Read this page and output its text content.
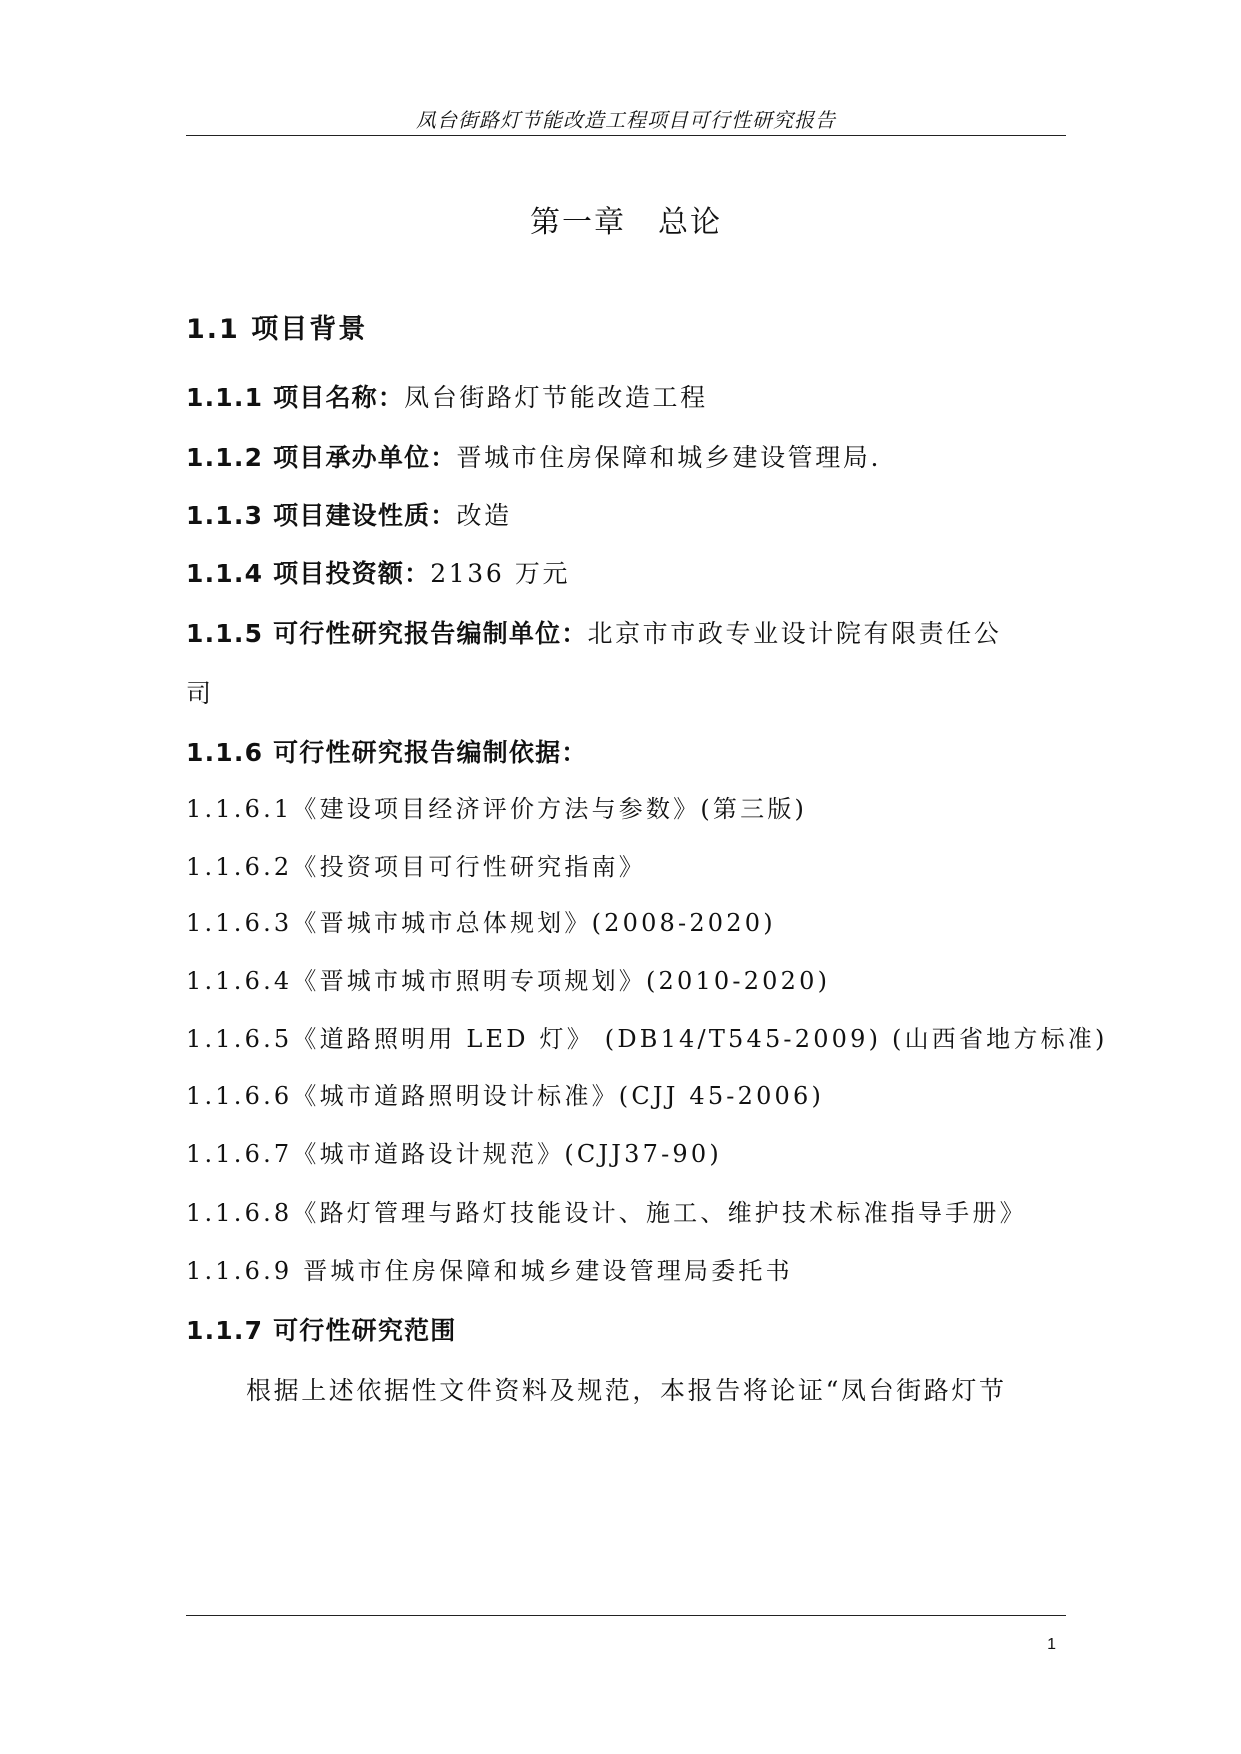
凤台街路灯节能改造工程项目可行性研究报告
第一章　总论
1.1 项目背景
1.1.1 项目名称：凤台街路灯节能改造工程
1.1.2 项目承办单位：晋城市住房保障和城乡建设管理局.
1.1.3 项目建设性质：改造
1.1.4 项目投资额：2136 万元
1.1.5 可行性研究报告编制单位：北京市市政专业设计院有限责任公
司
1.1.6 可行性研究报告编制依据：
1.1.6.1《建设项目经济评价方法与参数》(第三版)
1.1.6.2《投资项目可行性研究指南》
1.1.6.3《晋城市城市总体规划》(2008-2020)
1.1.6.4《晋城市城市照明专项规划》(2010-2020)
1.1.6.5《道路照明用 LED 灯》 (DB14/T545-2009) (山西省地方标准)
1.1.6.6《城市道路照明设计标准》(CJJ 45-2006)
1.1.6.7《城市道路设计规范》(CJJ37-90)
1.1.6.8《路灯管理与路灯技能设计、施工、维护技术标准指导手册》
1.1.6.9 晋城市住房保障和城乡建设管理局委托书
1.1.7 可行性研究范围
根据上述依据性文件资料及规范，本报告将论证“凤台街路灯节
1
